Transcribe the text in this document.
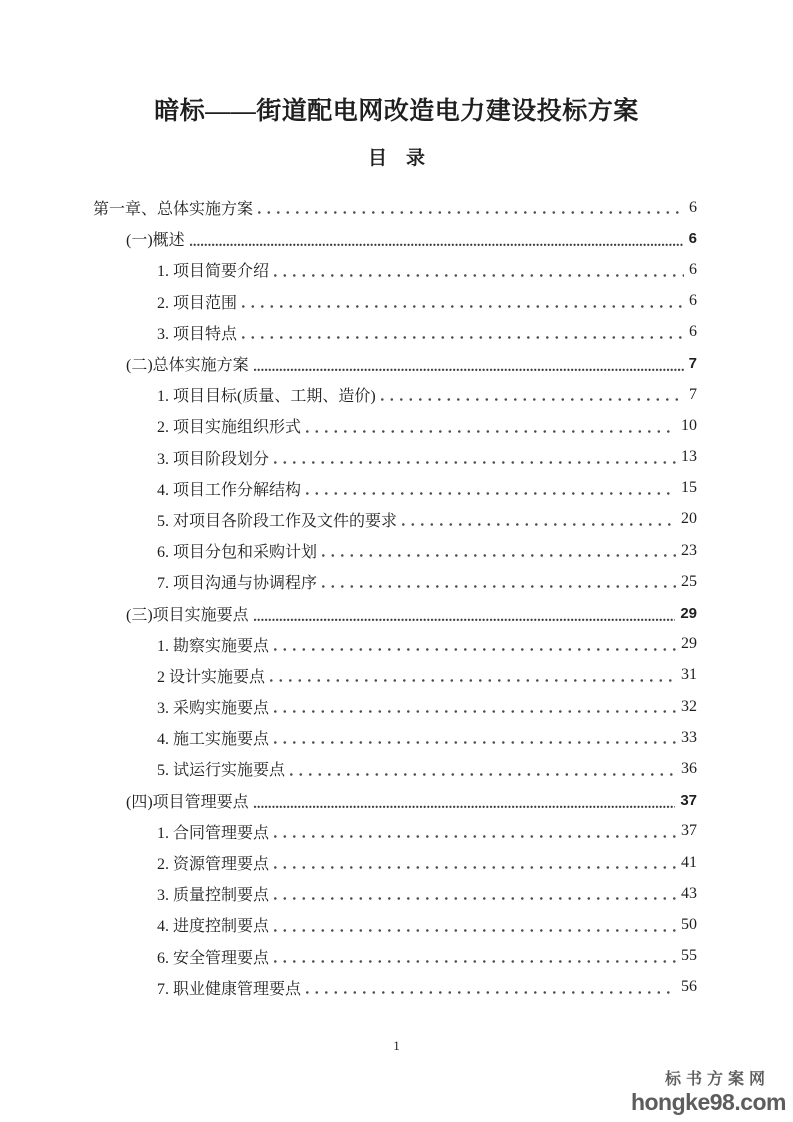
暗标——街道配电网改造电力建设投标方案
目　录
第一章、总体实施方案	6
(一)概述	6
1. 项目简要介绍	6
2. 项目范围	6
3. 项目特点	6
(二)总体实施方案	7
1. 项目目标(质量、工期、造价)	7
2. 项目实施组织形式	10
3. 项目阶段划分	13
4. 项目工作分解结构	15
5. 对项目各阶段工作及文件的要求	20
6. 项目分包和采购计划	23
7. 项目沟通与协调程序	25
(三)项目实施要点	29
1. 勘察实施要点	29
2 设计实施要点	31
3. 采购实施要点	32
4. 施工实施要点	33
5. 试运行实施要点	36
(四)项目管理要点	37
1. 合同管理要点	37
2. 资源管理要点	41
3. 质量控制要点	43
4. 进度控制要点	50
6. 安全管理要点	55
7. 职业健康管理要点	56
1
标书方案网
hongke98.com
